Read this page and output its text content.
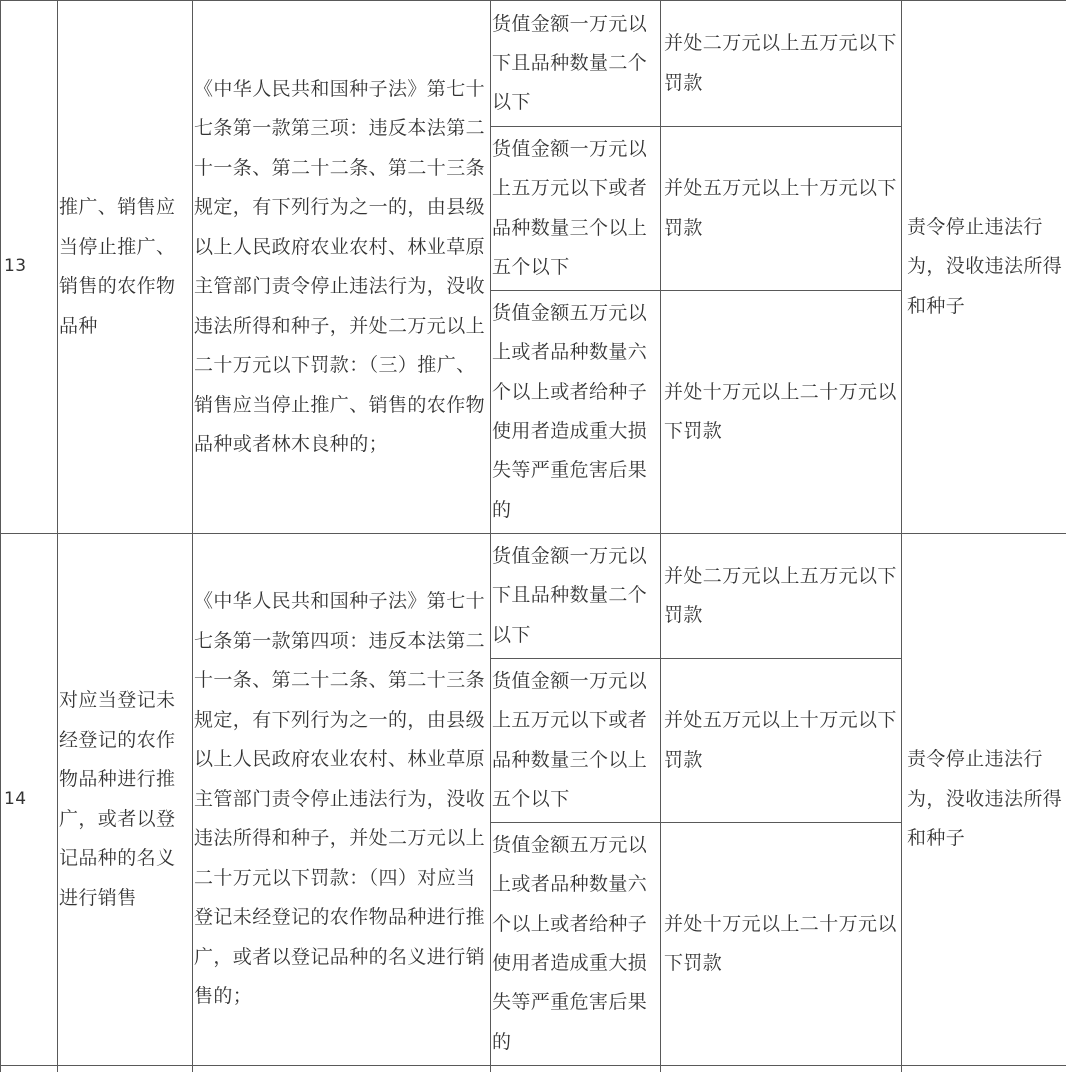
13	推广、销售应当停止推广、销售的农作物品种	《中华人民共和国种子法》第七十七条第一款第三项：违反本法第二十一条、第二十二条、第二十三条规定，有下列行为之一的，由县级以上人民政府农业农村、林业草原主管部门责令停止违法行为，没收违法所得和种子，并处二万元以上二十万元以下罚款：（三）推广、销售应当停止推广、销售的农作物品种或者林木良种的；	货值金额一万元以下且品种数量二个以下	并处二万元以上五万元以下罚款	责令停止违法行为，没收违法所得和种子
			货值金额一万元以上五万元以下或者品种数量三个以上五个以下	并处五万元以上十万元以下罚款	
			货值金额五万元以上或者品种数量六个以上或者给种子使用者造成重大损失等严重危害后果的	并处十万元以上二十万元以下罚款	
14	对应当登记未经登记的农作物品种进行推广，或者以登记品种的名义进行销售	《中华人民共和国种子法》第七十七条第一款第四项：违反本法第二十一条、第二十二条、第二十三条规定，有下列行为之一的，由县级以上人民政府农业农村、林业草原主管部门责令停止违法行为，没收违法所得和种子，并处二万元以上二十万元以下罚款：（四）对应当登记未经登记的农作物品种进行推广，或者以登记品种的名义进行销售的；	货值金额一万元以下且品种数量二个以下	并处二万元以上五万元以下罚款	责令停止违法行为，没收违法所得和种子
			货值金额一万元以上五万元以下或者品种数量三个以上五个以下	并处五万元以上十万元以下罚款	
			货值金额五万元以上或者品种数量六个以上或者给种子使用者造成重大损失等严重危害后果的	并处十万元以上二十万元以下罚款	
